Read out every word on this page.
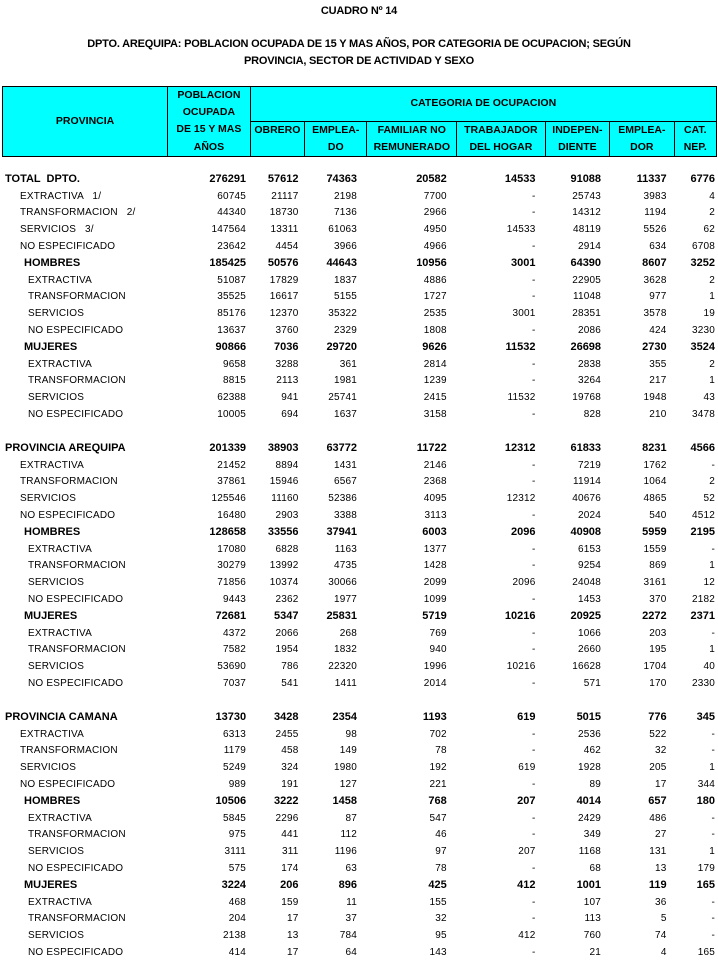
CUADRO Nº 14
DPTO. AREQUIPA: POBLACION OCUPADA DE 15 Y MAS AÑOS, POR CATEGORIA DE OCUPACION; SEGÚN
PROVINCIA, SECTOR DE ACTIVIDAD Y SEXO
PROVINCIA	POBLACION	CATEGORIA DE OCUPACION						
	OCUPADA							
	DE 15 Y MAS	OBRERO	EMPLEA-	FAMILIAR NO	TRABAJADOR	INDEPEN-	EMPLEA-	CAT.
	AÑOS		DO	REMUNERADO	DEL HOGAR	DIENTE	DOR	NEP.
TOTAL  DPTO.	276291	57612	74363	20582	14533	91088	11337	6776
EXTRACTIVA   1/	60745	21117	2198	7700	-	25743	3983	4
TRANSFORMACION   2/	44340	18730	7136	2966	-	14312	1194	2
SERVICIOS   3/	147564	13311	61063	4950	14533	48119	5526	62
NO ESPECIFICADO	23642	4454	3966	4966	-	2914	634	6708
HOMBRES	185425	50576	44643	10956	3001	64390	8607	3252
EXTRACTIVA	51087	17829	1837	4886	-	22905	3628	2
TRANSFORMACION	35525	16617	5155	1727	-	11048	977	1
SERVICIOS	85176	12370	35322	2535	3001	28351	3578	19
NO ESPECIFICADO	13637	3760	2329	1808	-	2086	424	3230
MUJERES	90866	7036	29720	9626	11532	26698	2730	3524
EXTRACTIVA	9658	3288	361	2814	-	2838	355	2
TRANSFORMACION	8815	2113	1981	1239	-	3264	217	1
SERVICIOS	62388	941	25741	2415	11532	19768	1948	43
NO ESPECIFICADO	10005	694	1637	3158	-	828	210	3478

PROVINCIA AREQUIPA	201339	38903	63772	11722	12312	61833	8231	4566
EXTRACTIVA	21452	8894	1431	2146	-	7219	1762	-
TRANSFORMACION	37861	15946	6567	2368	-	11914	1064	2
SERVICIOS	125546	11160	52386	4095	12312	40676	4865	52
NO ESPECIFICADO	16480	2903	3388	3113	-	2024	540	4512
HOMBRES	128658	33556	37941	6003	2096	40908	5959	2195
EXTRACTIVA	17080	6828	1163	1377	-	6153	1559	-
TRANSFORMACION	30279	13992	4735	1428	-	9254	869	1
SERVICIOS	71856	10374	30066	2099	2096	24048	3161	12
NO ESPECIFICADO	9443	2362	1977	1099	-	1453	370	2182
MUJERES	72681	5347	25831	5719	10216	20925	2272	2371
EXTRACTIVA	4372	2066	268	769	-	1066	203	-
TRANSFORMACION	7582	1954	1832	940	-	2660	195	1
SERVICIOS	53690	786	22320	1996	10216	16628	1704	40
NO ESPECIFICADO	7037	541	1411	2014	-	571	170	2330

PROVINCIA CAMANA	13730	3428	2354	1193	619	5015	776	345
EXTRACTIVA	6313	2455	98	702	-	2536	522	-
TRANSFORMACION	1179	458	149	78	-	462	32	-
SERVICIOS	5249	324	1980	192	619	1928	205	1
NO ESPECIFICADO	989	191	127	221	-	89	17	344
HOMBRES	10506	3222	1458	768	207	4014	657	180
EXTRACTIVA	5845	2296	87	547	-	2429	486	-
TRANSFORMACION	975	441	112	46	-	349	27	-
SERVICIOS	3111	311	1196	97	207	1168	131	1
NO ESPECIFICADO	575	174	63	78	-	68	13	179
MUJERES	3224	206	896	425	412	1001	119	165
EXTRACTIVA	468	159	11	155	-	107	36	-
TRANSFORMACION	204	17	37	32	-	113	5	-
SERVICIOS	2138	13	784	95	412	760	74	-
NO ESPECIFICADO	414	17	64	143	-	21	4	165
